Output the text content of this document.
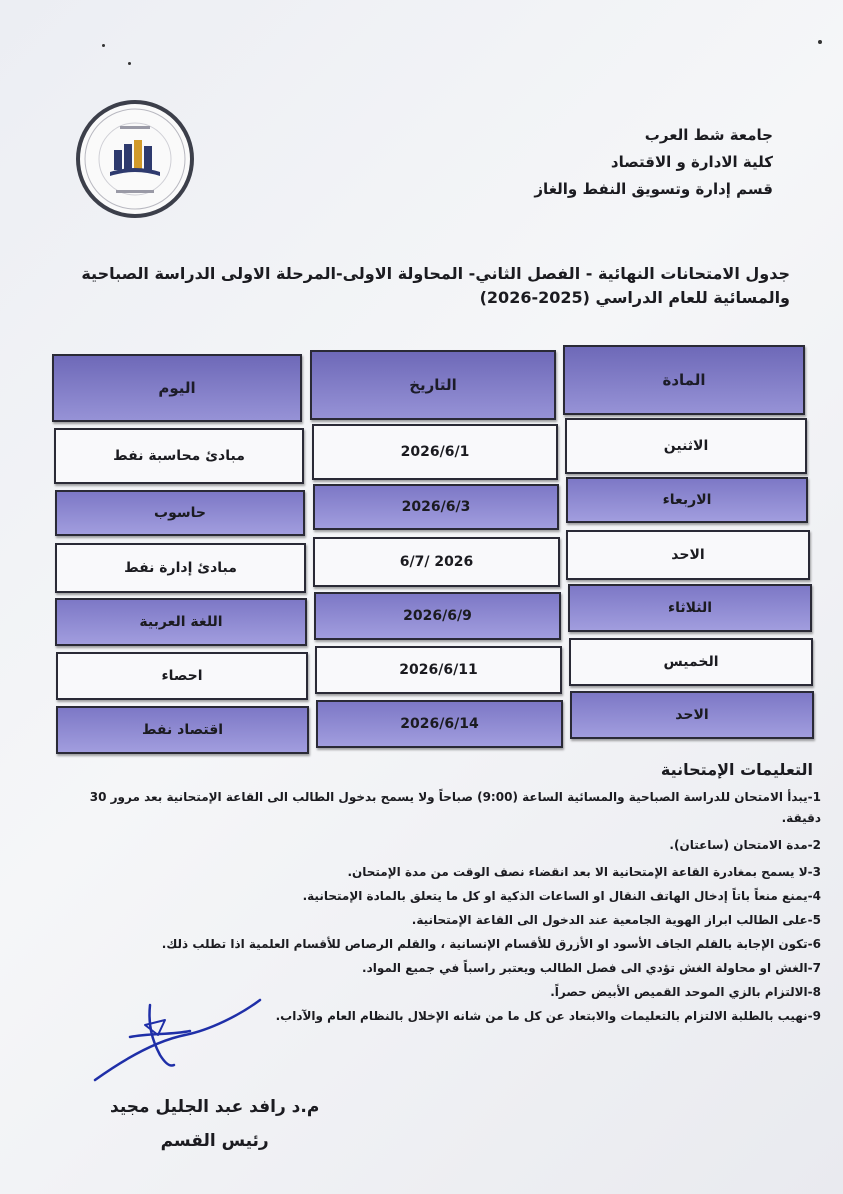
جامعة شط العرب
كلية الادارة و الاقتصاد
قسم إدارة وتسويق النفط والغاز
جدول الامتحانات النهائية - الفصل الثاني- المحاولة الاولى-المرحلة الاولى الدراسة الصباحية
والمسائية للعام الدراسي (2025-2026)
المادة
التاريخ
اليوم
الاثنين
2026/6/1
مبادئ محاسبة نفط
الاربعاء
2026/6/3
حاسوب
الاحد
2026 /6/7
مبادئ إدارة نفط
الثلاثاء
2026/6/9
اللغة العربية
الخميس
2026/6/11
احصاء
الاحد
2026/6/14
اقتصاد نفط
التعليمات الإمتحانية
1-يبدأ الامتحان للدراسة الصباحية والمسائية الساعة (9:00) صباحاً ولا يسمح بدخول الطالب الى القاعة الإمتحانية بعد مرور 30
دقيقة.
2-مدة الامتحان (ساعتان).
3-لا يسمح بمغادرة القاعة الإمتحانية الا بعد انقضاء نصف الوقت من مدة الإمتحان.
4-يمنع منعاً باتاً إدخال الهاتف النقال او الساعات الذكية او كل ما يتعلق بالمادة الإمتحانية.
5-على الطالب ابراز الهوية الجامعية عند الدخول الى القاعة الإمتحانية.
6-تكون الإجابة بالقلم الجاف الأسود او الأزرق للأقسام الإنسانية ، والقلم الرصاص للأقسام العلمية اذا تطلب ذلك.
7-الغش او محاولة الغش تؤدي الى فصل الطالب ويعتبر راسباً في جميع المواد.
8-الالتزام بالزي الموحد القميص الأبيض حصراً.
9-نهيب بالطلبة الالتزام بالتعليمات والابتعاد عن كل ما من شانه الإخلال بالنظام العام والآداب.
م.د رافد عبد الجليل مجيد
رئيس القسم
